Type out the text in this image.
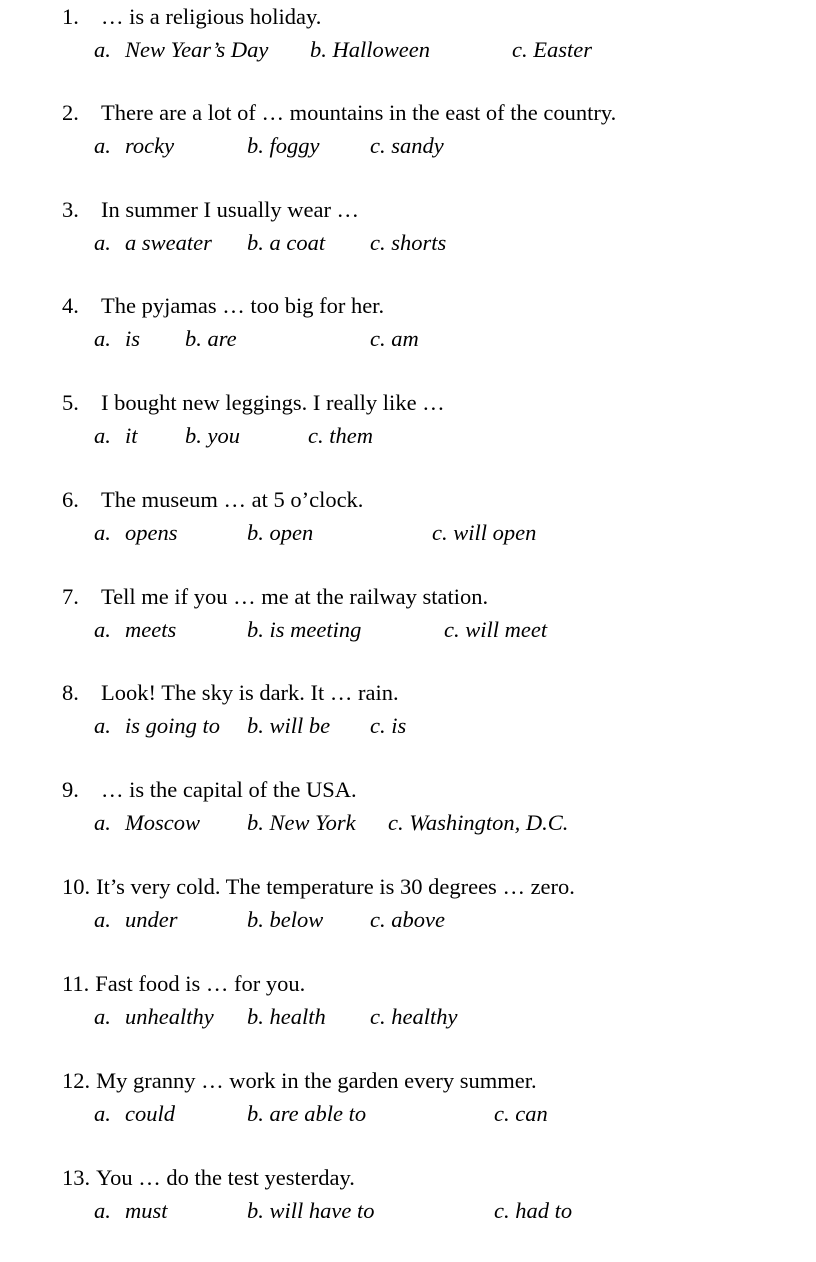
1. … is a religious holiday.
a. New Year’s Day b. Halloween	c. Easter
2. There are a lot of … mountains in the east of the country.
a. rocky	b. foggy c. sandy
3. In summer I usually wear …
a. a sweater b. a coat c. shorts
4. The pyjamas … too big for her.
a. is b. are	c. am
5. I bought new leggings. I really like …
a. it b. you	c. them
6. The museum … at 5 o’clock.
a. opens	b. open	c. will open
7. Tell me if you … me at the railway station.
a. meets	b. is meeting	c. will meet
8. Look! The sky is dark. It … rain.
a. is going to b. will be c. is
9. … is the capital of the USA.
a. Moscow b. New York c. Washington, D.C.
10. It’s very cold. The temperature is 30 degrees … zero.
a. under	b. below c. above
11. Fast food is … for you.
a. unhealthy b. health c. healthy
12. My granny … work in the garden every summer.
a. could	b. are able to	c. can
13. You … do the test yesterday.
a. must	b. will have to	c. had to
